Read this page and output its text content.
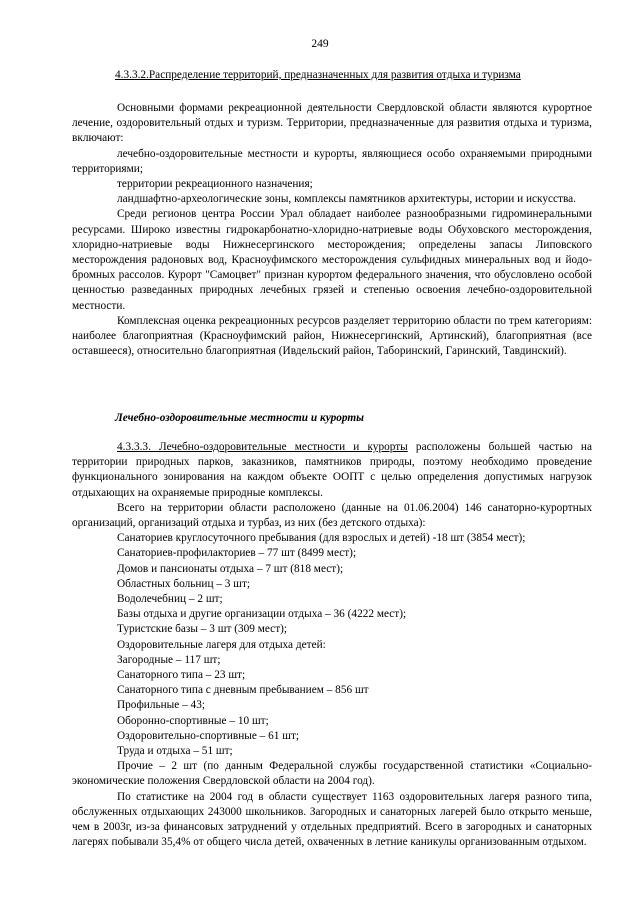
249
4.3.3.2.Распределение территорий, предназначенных для развития отдыха и туризма

Основными формами рекреационной деятельности Свердловской области являются курортное лечение, оздоровительный отдых и туризм. Территории, предназначенные для развития отдыха и туризма, включают:

лечебно-оздоровительные местности и курорты, являющиеся особо охраняемыми природными территориями;

территории рекреационного назначения;

ландшафтно-археологические зоны, комплексы памятников архитектуры, истории и искусства.

Среди регионов центра России Урал обладает наиболее разнообразными гидроминеральными ресурсами. Широко известны гидрокарбонатно-хлоридно-натриевые воды Обуховского месторождения, хлоридно-натриевые воды Нижнесергинского месторождения; определены запасы Липовского месторождения радоновых вод, Красноуфимского месторождения сульфидных минеральных вод и йодо-бромных рассолов. Курорт "Самоцвет" признан курортом федерального значения, что обусловлено особой ценностью разведанных природных лечебных грязей и степенью освоения лечебно-оздоровительной местности.

Комплексная оценка рекреационных ресурсов разделяет территорию области по трем категориям: наиболее благоприятная (Красноуфимский район, Нижнесергинский, Артинский), благоприятная (все оставшееся), относительно благоприятная (Ивдельский район, Таборинский, Гаринский, Тавдинский).

Лечебно-оздоровительные местности и курорты

4.3.3.3. Лечебно-оздоровительные местности и курорты расположены большей частью на территории природных парков, заказников, памятников природы, поэтому необходимо проведение функционального зонирования на каждом объекте ООПТ с целью определения допустимых нагрузок отдыхающих на охраняемые природные комплексы.

Всего на территории области расположено (данные на 01.06.2004) 146 санаторно-курортных организаций, организаций отдыха и турбаз, из них (без детского отдыха):

Санаториев круглосуточного пребывания (для взрослых и детей) -18 шт (3854 мест);

Санаториев-профилакториев – 77 шт (8499 мест);

Домов и пансионаты отдыха – 7 шт (818 мест);

Областных больниц – 3 шт;

Водолечебниц – 2 шт;

Базы отдыха и другие организации отдыха – 36 (4222 мест);

Туристские базы – 3 шт (309 мест);

Оздоровительные лагеря для отдыха детей:

Загородные – 117 шт;

Санаторного типа – 23 шт;

Санаторного типа с дневным пребыванием – 856 шт

Профильные – 43;

Оборонно-спортивные – 10 шт;

Оздоровительно-спортивные – 61 шт;

Труда и отдыха – 51 шт;

Прочие – 2 шт (по данным Федеральной службы государственной статистики «Социально-экономические положения Свердловской области на 2004 год).

По статистике на 2004 год в области существует 1163 оздоровительных лагеря разного типа, обслуженных отдыхающих 243000 школьников. Загородных и санаторных лагерей было открыто меньше, чем в 2003г, из-за финансовых затруднений у отдельных предприятий. Всего в загородных и санаторных лагерях побывали 35,4% от общего числа детей, охваченных в летние каникулы организованным отдыхом.
